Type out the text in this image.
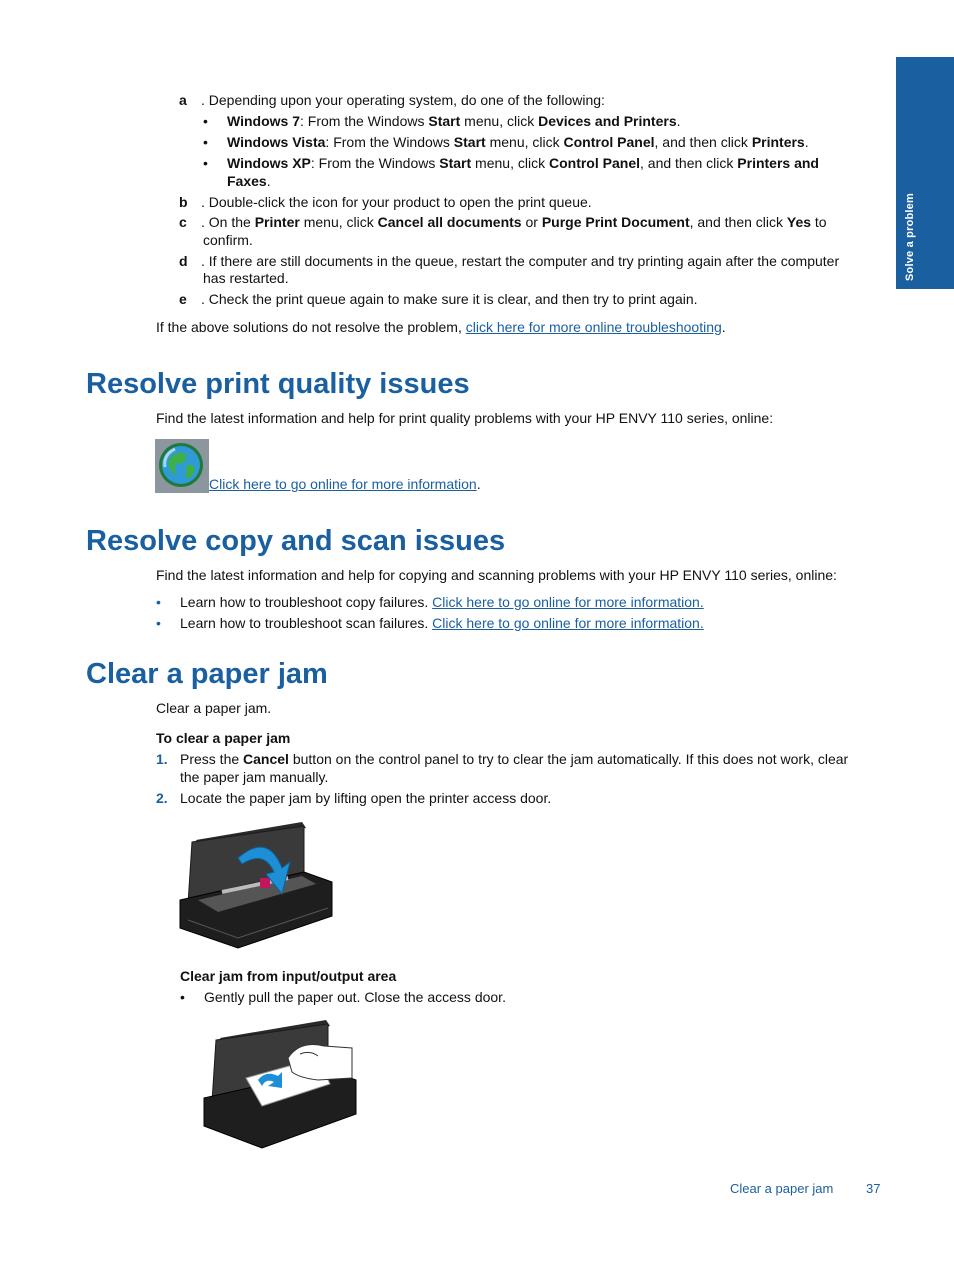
Solve a problem
a . Depending upon your operating system, do one of the following:
• Windows 7: From the Windows Start menu, click Devices and Printers.
• Windows Vista: From the Windows Start menu, click Control Panel, and then click Printers.
• Windows XP: From the Windows Start menu, click Control Panel, and then click Printers and
Faxes.
b . Double-click the icon for your product to open the print queue.
c . On the Printer menu, click Cancel all documents or Purge Print Document, and then click Yes to
confirm.
d . If there are still documents in the queue, restart the computer and try printing again after the computer
has restarted.
e . Check the print queue again to make sure it is clear, and then try to print again.
If the above solutions do not resolve the problem, click here for more online troubleshooting.
Resolve print quality issues
Find the latest information and help for print quality problems with your HP ENVY 110 series, online:
Click here to go online for more information.
Resolve copy and scan issues
Find the latest information and help for copying and scanning problems with your HP ENVY 110 series, online:
• Learn how to troubleshoot copy failures. Click here to go online for more information.
• Learn how to troubleshoot scan failures. Click here to go online for more information.
Clear a paper jam
Clear a paper jam.
To clear a paper jam
1. Press the Cancel button on the control panel to try to clear the jam automatically. If this does not work, clear
the paper jam manually.
2. Locate the paper jam by lifting open the printer access door.
Clear jam from input/output area
• Gently pull the paper out. Close the access door.
Clear a paper jam	37
